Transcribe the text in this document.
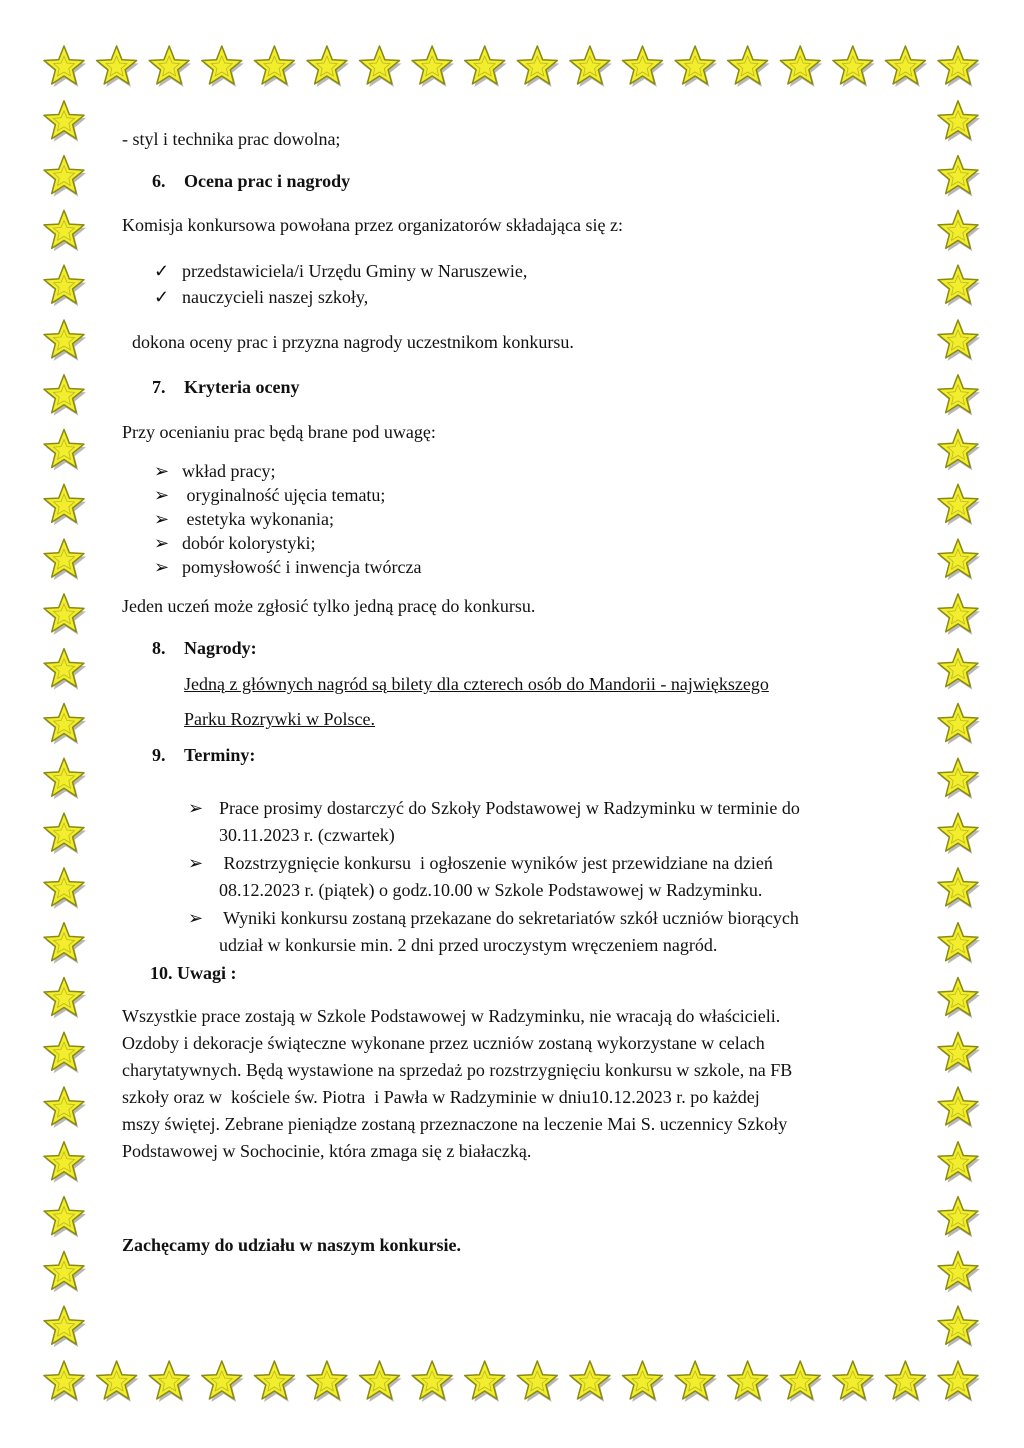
- styl i technika prac dowolna;
6. Ocena prac i nagrody
Komisja konkursowa powołana przez organizatorów składająca się z:
✓ przedstawiciela/i Urzędu Gminy w Naruszewie,
✓ nauczycieli naszej szkoły,
dokona oceny prac i przyzna nagrody uczestnikom konkursu.
7. Kryteria oceny
Przy ocenianiu prac będą brane pod uwagę:
➢ wkład pracy;
➢ oryginalność ujęcia tematu;
➢ estetyka wykonania;
➢ dobór kolorystyki;
➢ pomysłowość i inwencja twórcza
Jeden uczeń może zgłosić tylko jedną pracę do konkursu.
8. Nagrody:
Jedną z głównych nagród są bilety dla czterech osób do Mandorii - największego
Parku Rozrywki w Polsce.
9. Terminy:
➢ Prace prosimy dostarczyć do Szkoły Podstawowej w Radzyminku w terminie do
30.11.2023 r. (czwartek)
➢ Rozstrzygnięcie konkursu  i ogłoszenie wyników jest przewidziane na dzień
08.12.2023 r. (piątek) o godz.10.00 w Szkole Podstawowej w Radzyminku.
➢ Wyniki konkursu zostaną przekazane do sekretariatów szkół uczniów biorących
udział w konkursie min. 2 dni przed uroczystym wręczeniem nagród.
10. Uwagi :
Wszystkie prace zostają w Szkole Podstawowej w Radzyminku, nie wracają do właścicieli.
Ozdoby i dekoracje świąteczne wykonane przez uczniów zostaną wykorzystane w celach
charytatywnych. Będą wystawione na sprzedaż po rozstrzygnięciu konkursu w szkole, na FB
szkoły oraz w  kościele św. Piotra  i Pawła w Radzyminie w dniu10.12.2023 r. po każdej
mszy świętej. Zebrane pieniądze zostaną przeznaczone na leczenie Mai S. uczennicy Szkoły
Podstawowej w Sochocinie, która zmaga się z białaczką.
Zachęcamy do udziału w naszym konkursie.
